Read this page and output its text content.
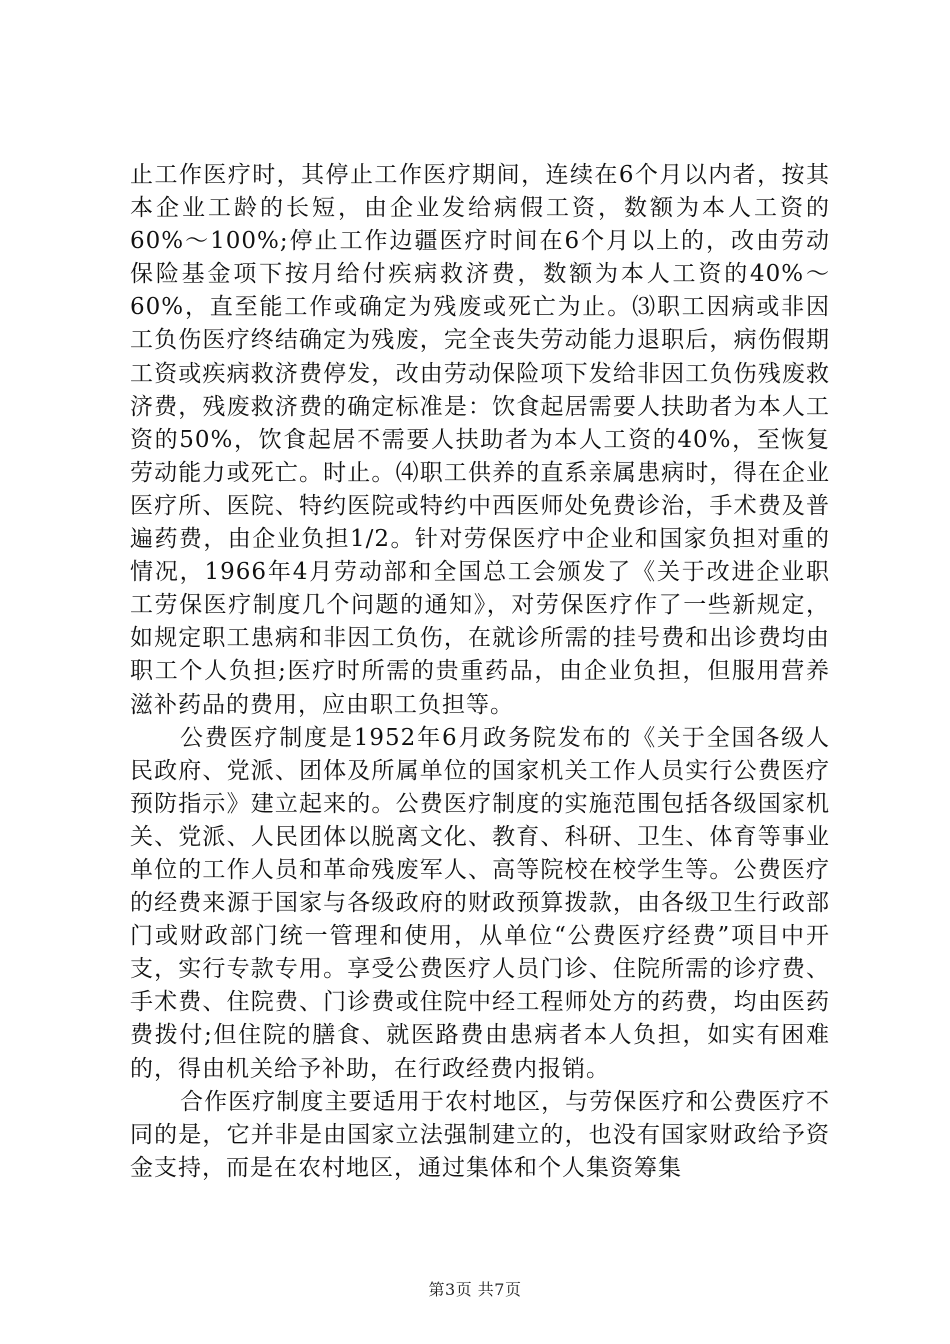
止工作医疗时，其停止工作医疗期间，连续在6个月以内者，按其本企业工龄的长短，由企业发给病假工资，数额为本人工资的60%～100%;停止工作边疆医疗时间在6个月以上的，改由劳动保险基金项下按月给付疾病救济费，数额为本人工资的40%～60%，直至能工作或确定为残废或死亡为止。⑶职工因病或非因工负伤医疗终结确定为残废，完全丧失劳动能力退职后，病伤假期工资或疾病救济费停发，改由劳动保险项下发给非因工负伤残废救济费，残废救济费的确定标准是：饮食起居需要人扶助者为本人工资的50%，饮食起居不需要人扶助者为本人工资的40%，至恢复劳动能力或死亡。时止。⑷职工供养的直系亲属患病时，得在企业医疗所、医院、特约医院或特约中西医师处免费诊治，手术费及普遍药费，由企业负担1/2。针对劳保医疗中企业和国家负担对重的情况，1966年4月劳动部和全国总工会颁发了《关于改进企业职工劳保医疗制度几个问题的通知》，对劳保医疗作了一些新规定，如规定职工患病和非因工负伤，在就诊所需的挂号费和出诊费均由职工个人负担;医疗时所需的贵重药品，由企业负担，但服用营养滋补药品的费用，应由职工负担等。

公费医疗制度是1952年6月政务院发布的《关于全国各级人民政府、党派、团体及所属单位的国家机关工作人员实行公费医疗预防指示》建立起来的。公费医疗制度的实施范围包括各级国家机关、党派、人民团体以脱离文化、教育、科研、卫生、体育等事业单位的工作人员和革命残废军人、高等院校在校学生等。公费医疗的经费来源于国家与各级政府的财政预算拨款，由各级卫生行政部门或财政部门统一管理和使用，从单位“公费医疗经费”项目中开支，实行专款专用。享受公费医疗人员门诊、住院所需的诊疗费、手术费、住院费、门诊费或住院中经工程师处方的药费，均由医药费拨付;但住院的膳食、就医路费由患病者本人负担，如实有困难的，得由机关给予补助，在行政经费内报销。

合作医疗制度主要适用于农村地区，与劳保医疗和公费医疗不同的是，它并非是由国家立法强制建立的，也没有国家财政给予资金支持，而是在农村地区，通过集体和个人集资筹集

第3页 共7页
